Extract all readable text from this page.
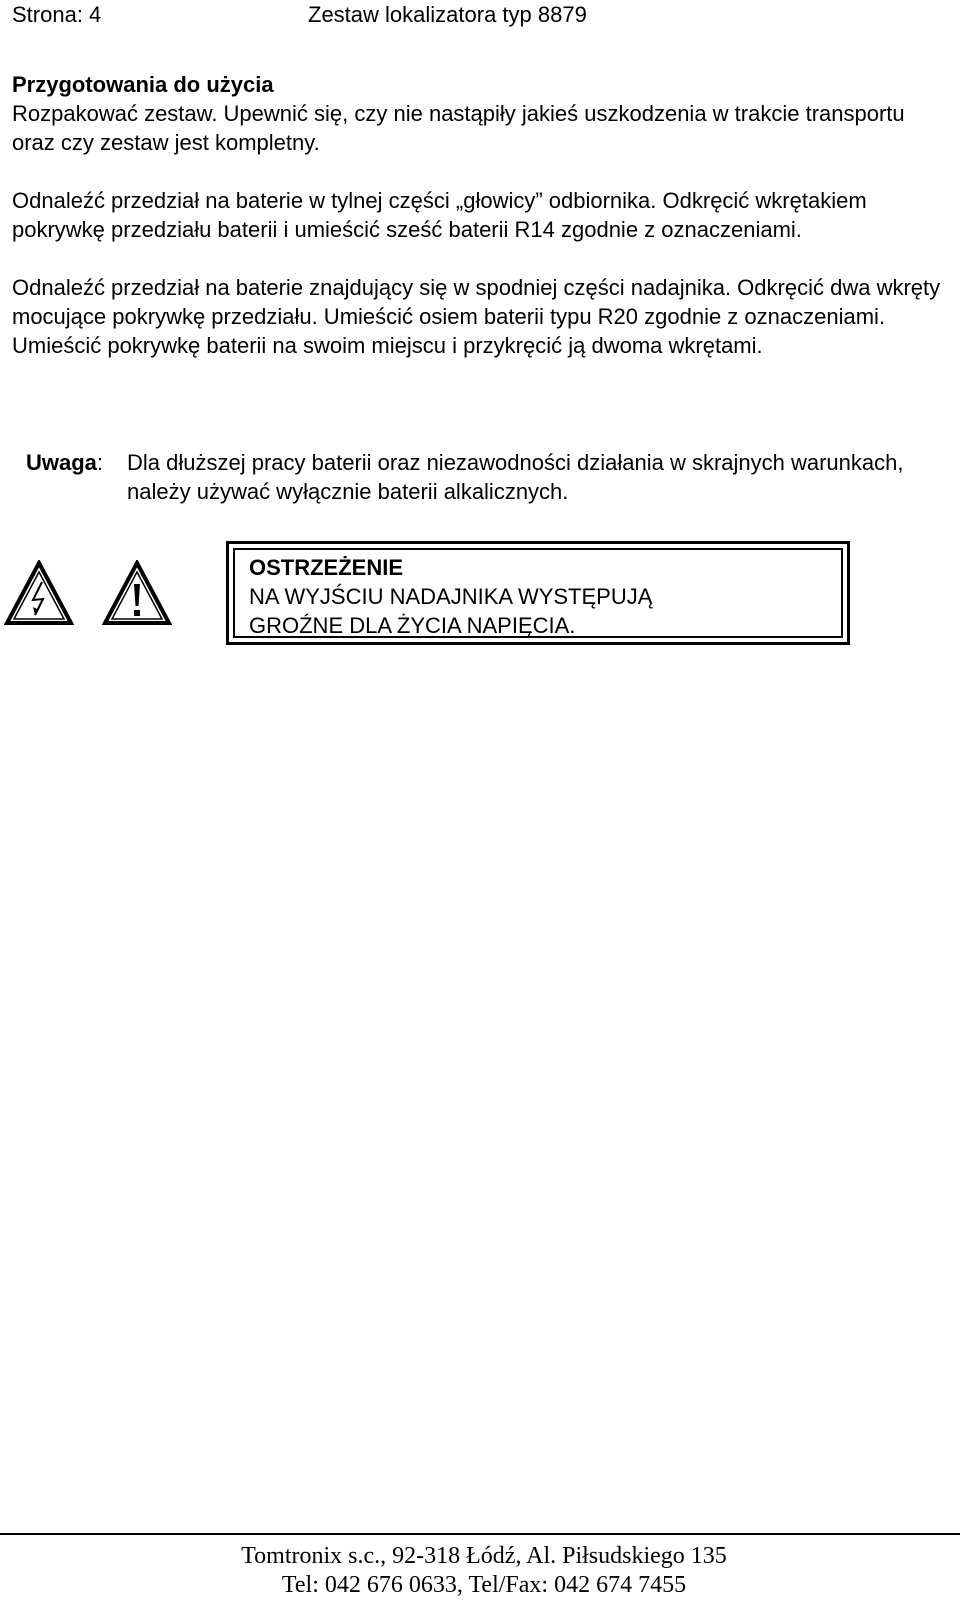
Strona: 4	Zestaw lokalizatora typ 8879
Przygotowania do użycia

Rozpakować zestaw. Upewnić się, czy nie nastąpiły jakieś uszkodzenia w trakcie transportu oraz czy zestaw jest kompletny.

Odnaleźć przedział na baterie w tylnej części „głowicy” odbiornika. Odkręcić wkrętakiem pokrywkę przedziału baterii i umieścić sześć baterii R14 zgodnie z oznaczeniami.

Odnaleźć przedział na baterie znajdujący się w spodniej części nadajnika. Odkręcić dwa wkręty mocujące pokrywkę przedziału. Umieścić osiem baterii typu R20 zgodnie z oznaczeniami. Umieścić pokrywkę baterii na swoim miejscu i przykręcić ją dwoma wkrętami.

Uwaga:	Dla dłuższej pracy baterii oraz niezawodności działania w skrajnych warunkach, należy używać wyłącznie baterii alkalicznych.
OSTRZEŻENIE
NA WYJŚCIU NADAJNIKA WYSTĘPUJĄ
GROŹNE DLA ŻYCIA NAPIĘCIA.
Tomtronix s.c., 92-318 Łódź, Al. Piłsudskiego 135
Tel: 042 676 0633, Tel/Fax: 042 674 7455
